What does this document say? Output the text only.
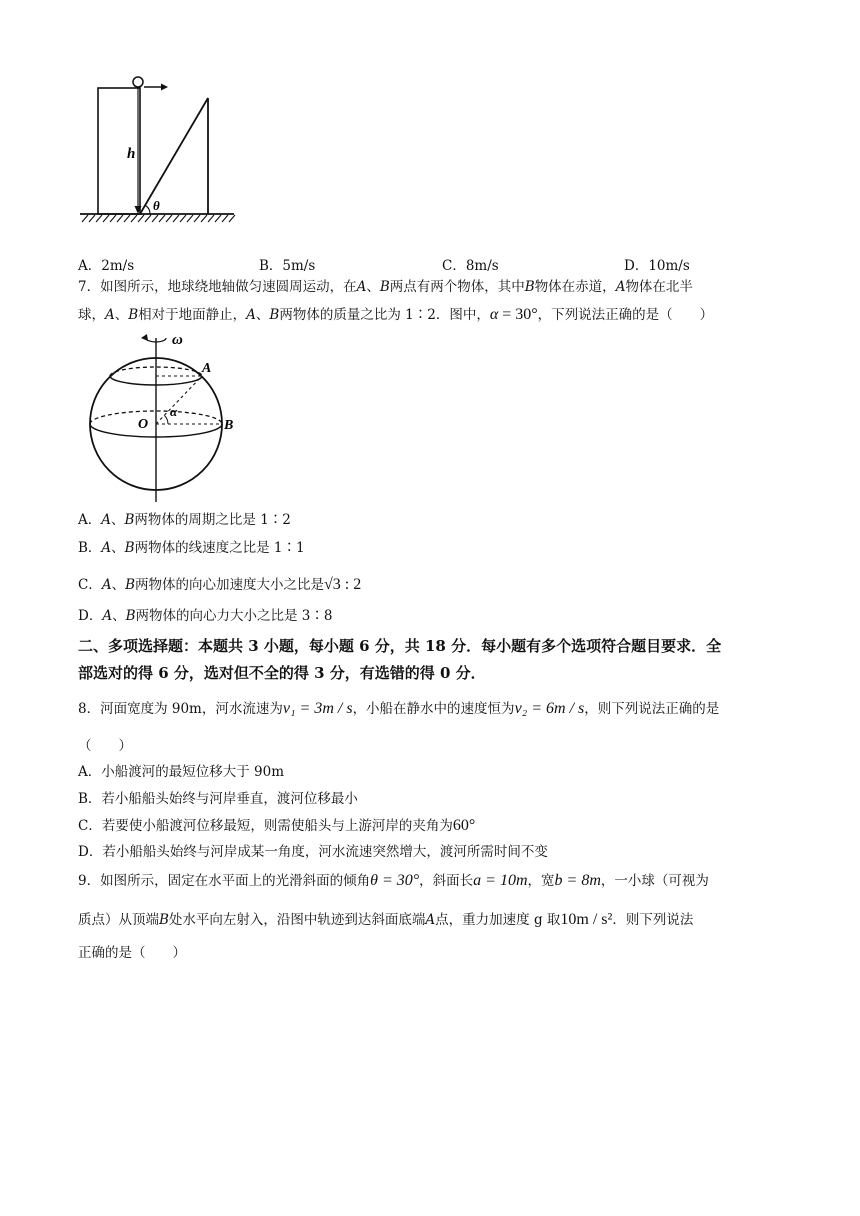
h
θ
A．2m/s	B．5m/s	C．8m/s	D．10m/s
7．如图所示，地球绕地轴做匀速圆周运动，在A、B两点有两个物体，其中B物体在赤道，A物体在北半
球，A、B相对于地面静止，A、B两物体的质量之比为 1∶2．图中，α = 30°，下列说法正确的是（　　）
ω
A
O
α
B
A．A、B两物体的周期之比是 1∶2
B．A、B两物体的线速度之比是 1∶1
C．A、B两物体的向心加速度大小之比是√3 : 2
D．A、B两物体的向心力大小之比是 3∶8
二、多项选择题：本题共 3 小题，每小题 6 分，共 18 分．每小题有多个选项符合题目要求．全
部选对的得 6 分，选对但不全的得 3 分，有选错的得 0 分．
8．河面宽度为 90m，河水流速为v₁ = 3m / s，小船在静水中的速度恒为v₂ = 6m / s，则下列说法正确的是
（　　）
A．小船渡河的最短位移大于 90m
B．若小船船头始终与河岸垂直，渡河位移最小
C．若要使小船渡河位移最短，则需使船头与上游河岸的夹角为60°
D．若小船船头始终与河岸成某一角度，河水流速突然增大，渡河所需时间不变
9．如图所示，固定在水平面上的光滑斜面的倾角θ = 30°，斜面长a = 10m，宽b = 8m，一小球（可视为
质点）从顶端B处水平向左射入，沿图中轨迹到达斜面底端A点，重力加速度 g 取10m / s²．则下列说法
正确的是（　　）
